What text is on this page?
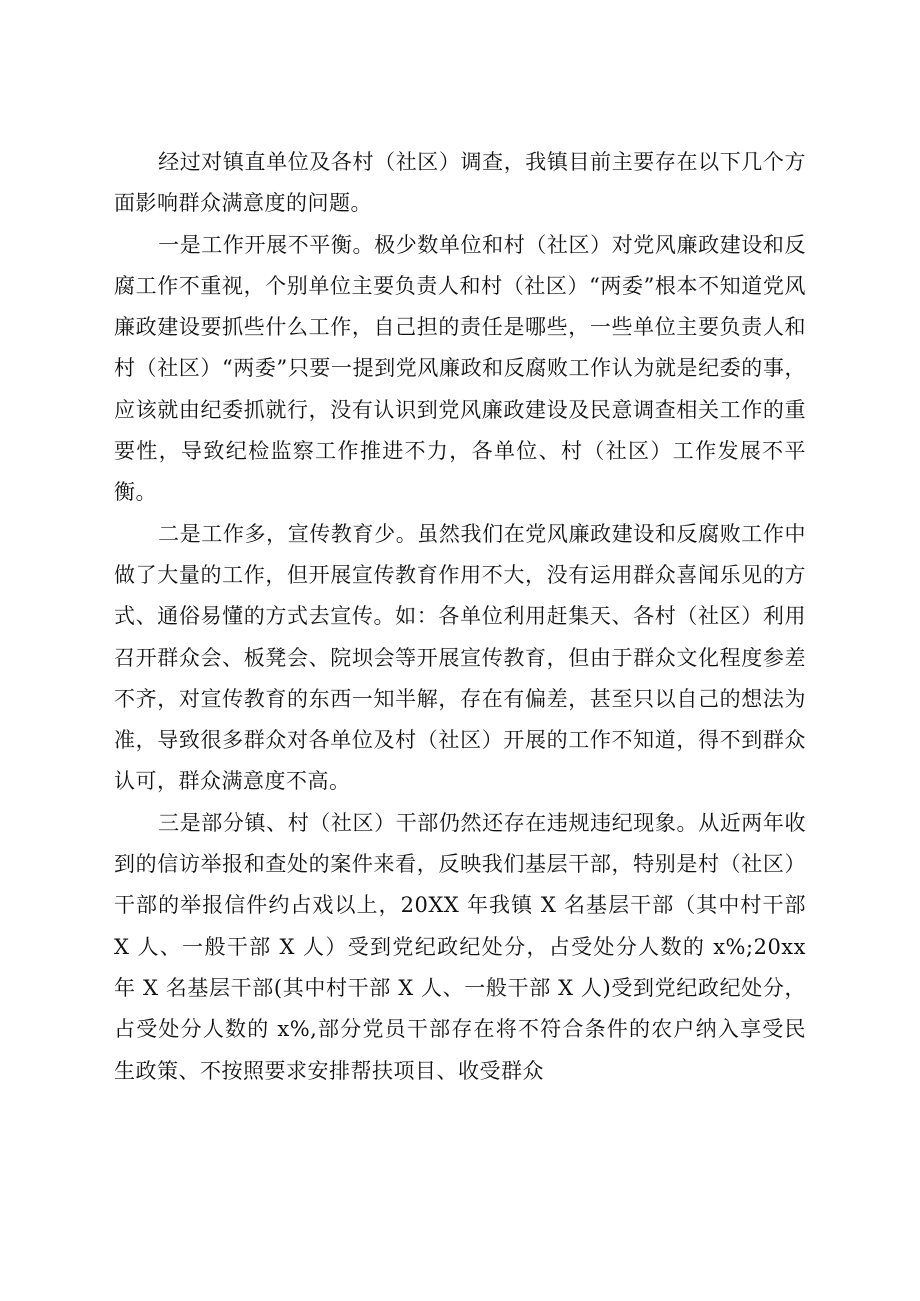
经过对镇直单位及各村（社区）调查，我镇目前主要存在以下几个方面影响群众满意度的问题。

一是工作开展不平衡。极少数单位和村（社区）对党风廉政建设和反腐工作不重视，个别单位主要负责人和村（社区）“两委”根本不知道党风廉政建设要抓些什么工作，自己担的责任是哪些，一些单位主要负责人和村（社区）“两委”只要一提到党风廉政和反腐败工作认为就是纪委的事，应该就由纪委抓就行，没有认识到党风廉政建设及民意调查相关工作的重要性，导致纪检监察工作推进不力，各单位、村（社区）工作发展不平衡。

二是工作多，宣传教育少。虽然我们在党风廉政建设和反腐败工作中做了大量的工作，但开展宣传教育作用不大，没有运用群众喜闻乐见的方式、通俗易懂的方式去宣传。如：各单位利用赶集天、各村（社区）利用召开群众会、板凳会、院坝会等开展宣传教育，但由于群众文化程度参差不齐，对宣传教育的东西一知半解，存在有偏差，甚至只以自己的想法为准，导致很多群众对各单位及村（社区）开展的工作不知道，得不到群众认可，群众满意度不高。

三是部分镇、村（社区）干部仍然还存在违规违纪现象。从近两年收到的信访举报和查处的案件来看，反映我们基层干部，特别是村（社区）干部的举报信件约占戏以上，20XX 年我镇 X 名基层干部（其中村干部 X 人、一般干部 X 人）受到党纪政纪处分，占受处分人数的 x%;20xx 年 X 名基层干部(其中村干部 X 人、一般干部 X 人)受到党纪政纪处分，占受处分人数的 x%,部分党员干部存在将不符合条件的农户纳入享受民生政策、不按照要求安排帮扶项目、收受群众
